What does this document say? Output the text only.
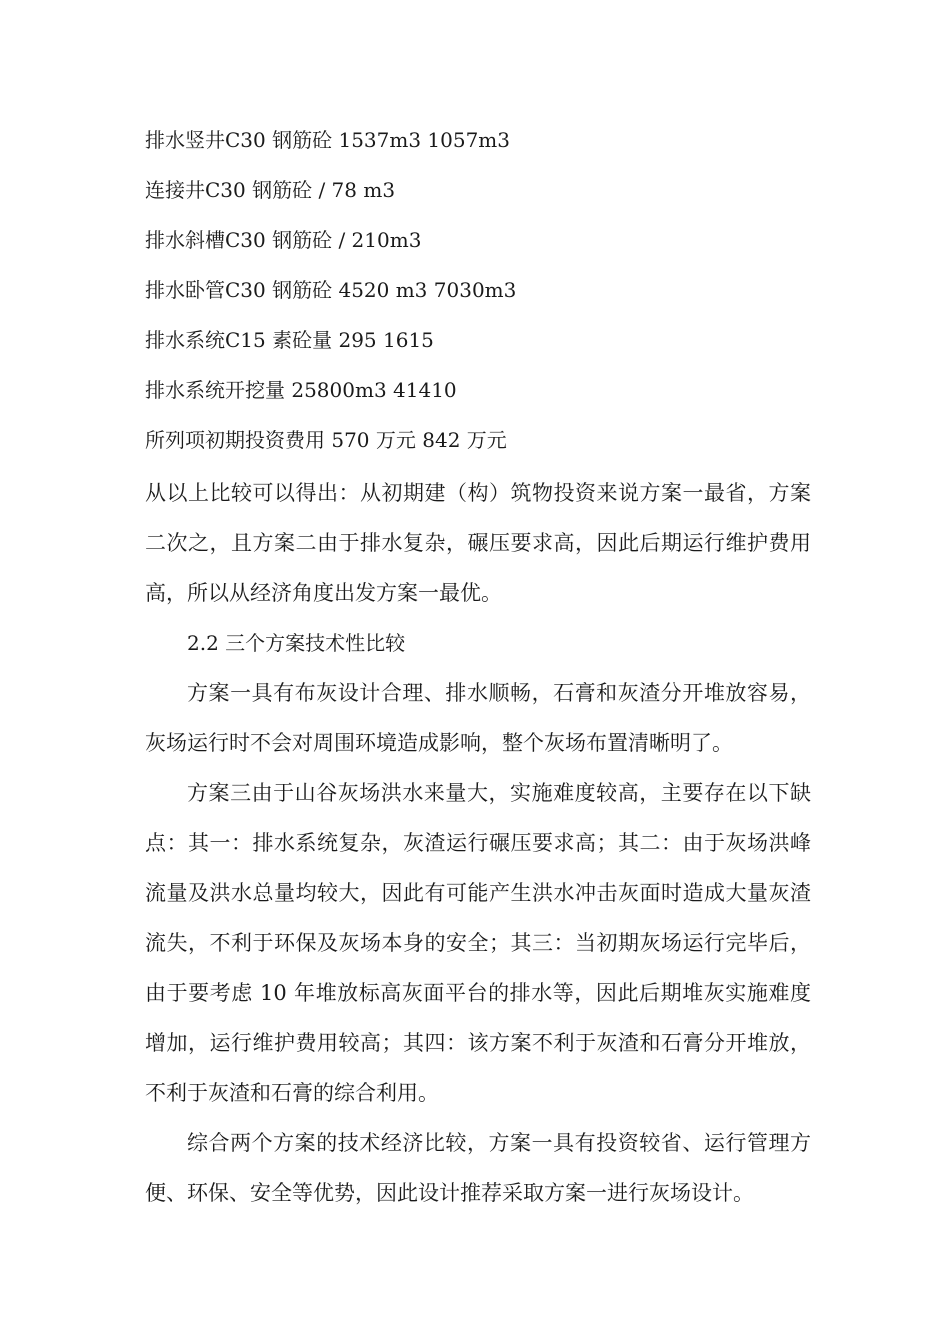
排水竖井C30 钢筋砼 1537m3 1057m3
连接井C30 钢筋砼 / 78 m3
排水斜槽C30 钢筋砼 / 210m3
排水卧管C30 钢筋砼 4520 m3 7030m3
排水系统C15 素砼量 295 1615
排水系统开挖量 25800m3 41410
所列项初期投资费用 570 万元 842 万元

从以上比较可以得出：从初期建（构）筑物投资来说方案一最省，方案二次之，且方案二由于排水复杂，碾压要求高，因此后期运行维护费用高，所以从经济角度出发方案一最优。

2.2 三个方案技术性比较

方案一具有布灰设计合理、排水顺畅，石膏和灰渣分开堆放容易，灰场运行时不会对周围环境造成影响，整个灰场布置清晰明了。

方案三由于山谷灰场洪水来量大，实施难度较高，主要存在以下缺点：其一：排水系统复杂，灰渣运行碾压要求高；其二：由于灰场洪峰流量及洪水总量均较大，因此有可能产生洪水冲击灰面时造成大量灰渣流失，不利于环保及灰场本身的安全；其三：当初期灰场运行完毕后，由于要考虑 10 年堆放标高灰面平台的排水等，因此后期堆灰实施难度增加，运行维护费用较高；其四：该方案不利于灰渣和石膏分开堆放，不利于灰渣和石膏的综合利用。

综合两个方案的技术经济比较，方案一具有投资较省、运行管理方便、环保、安全等优势，因此设计推荐采取方案一进行灰场设计。
